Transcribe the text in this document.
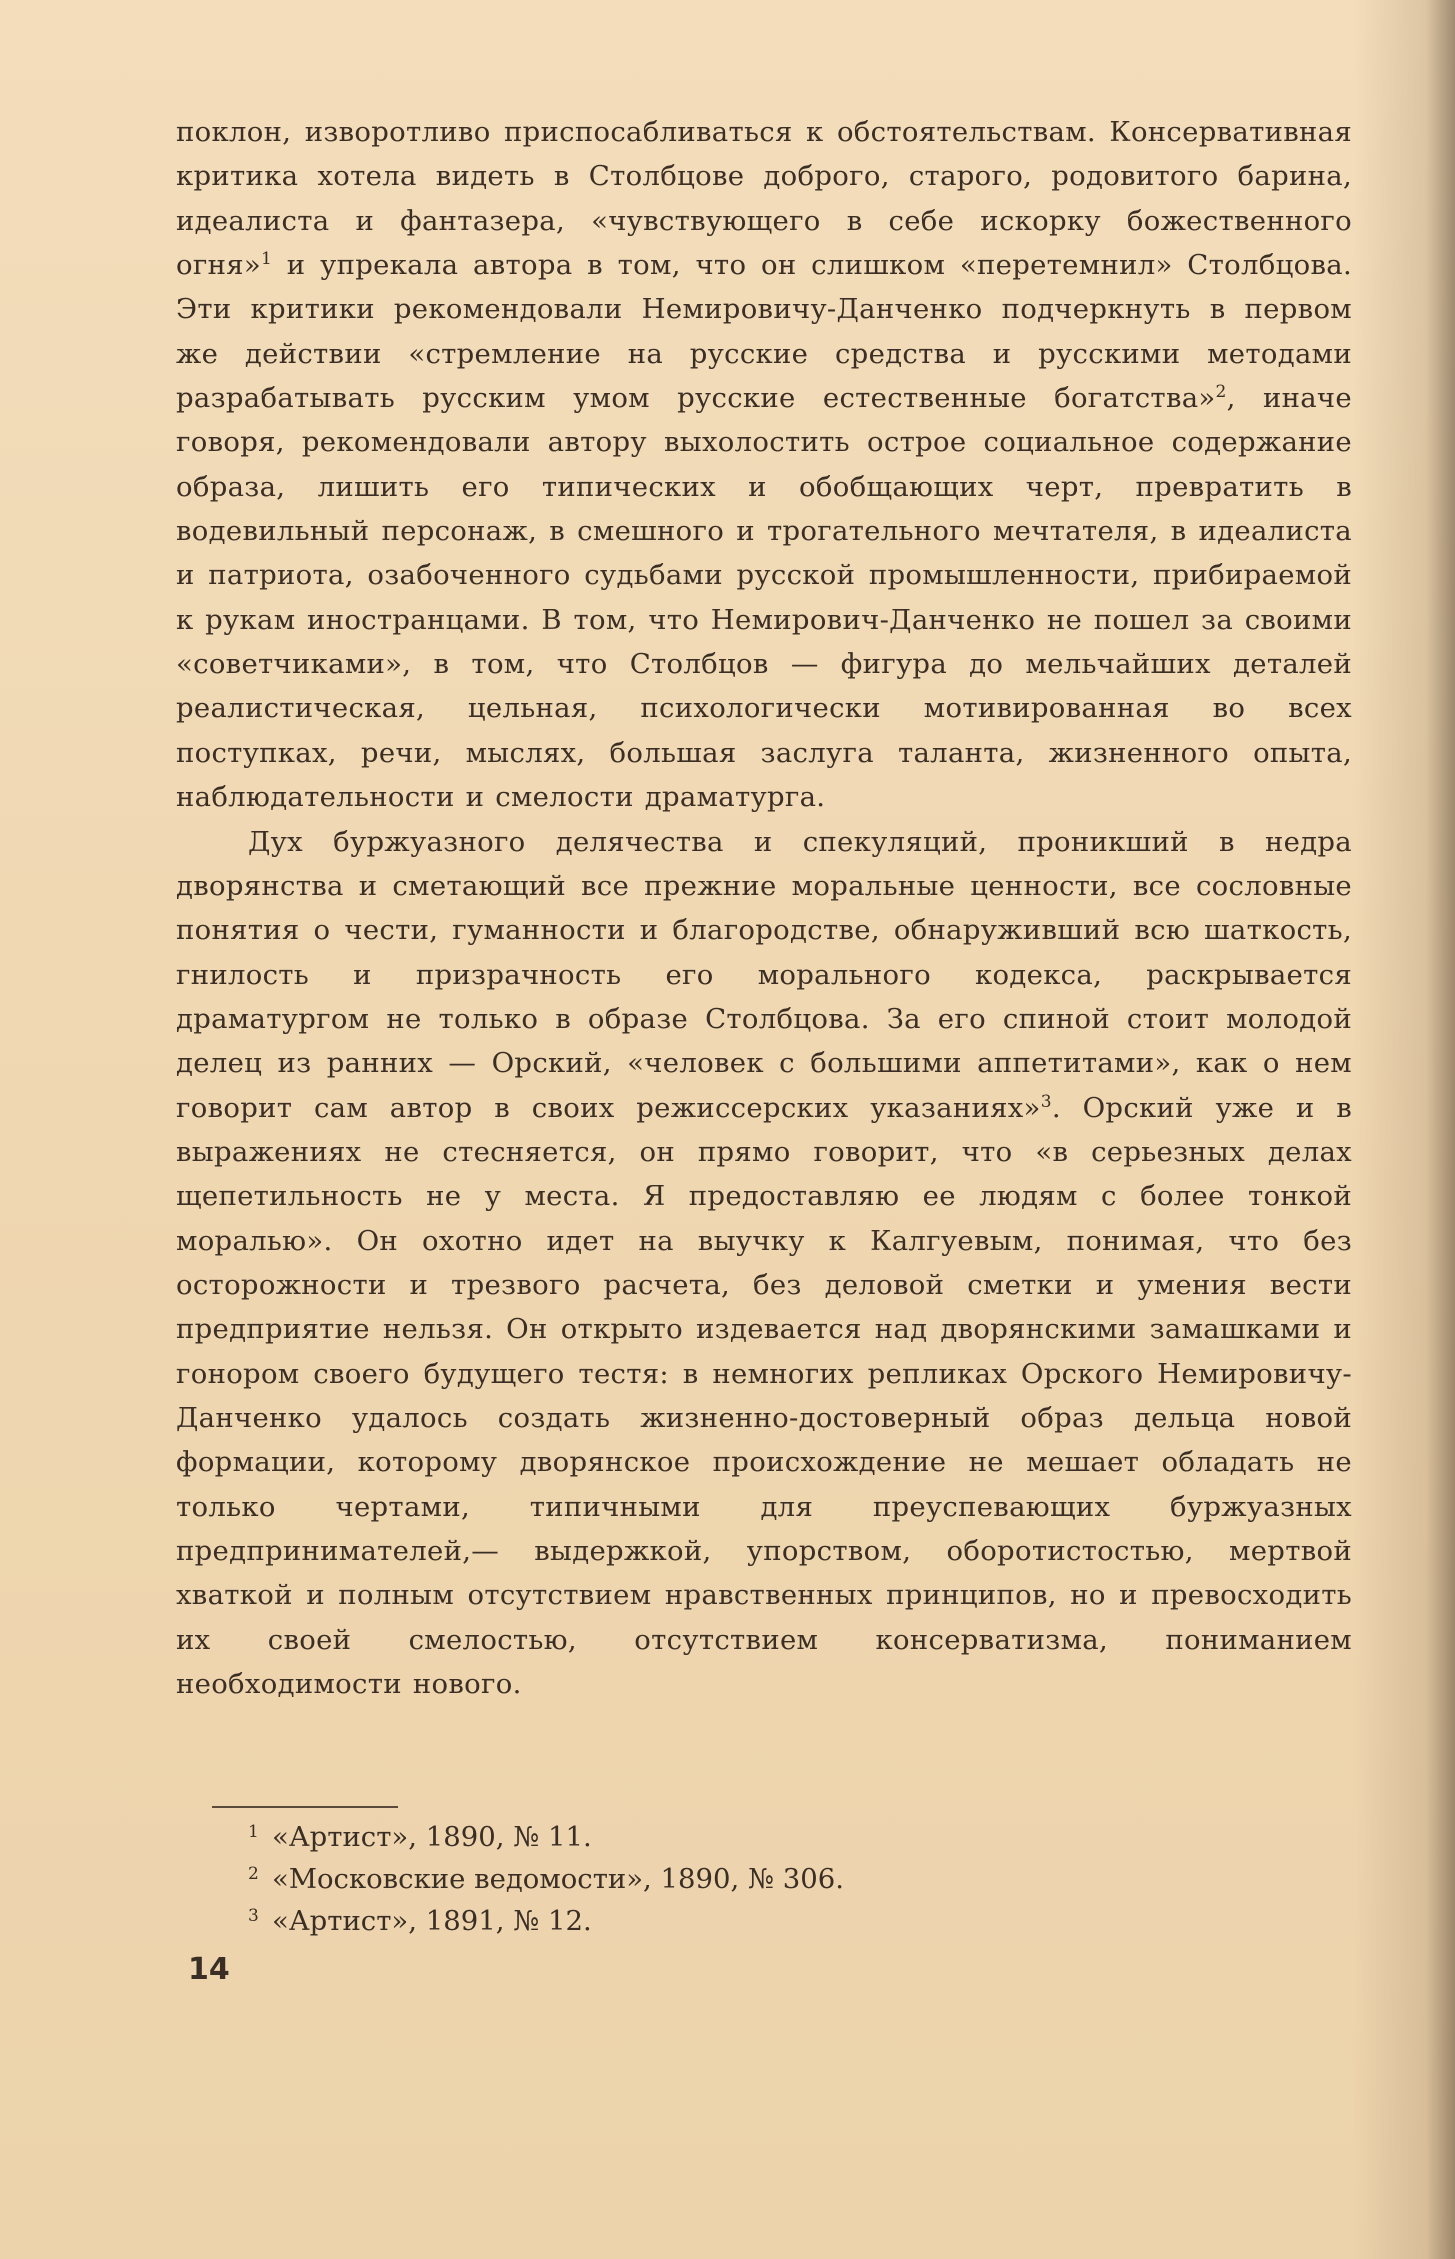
поклон, изворотливо приспосабливаться к обстоятельствам. Консервативная критика хотела видеть в Столбцове доброго, старого, родовитого барина, идеалиста и фантазера, «чувствующего в себе искорку божественного огня»$^1$ и упрекала автора в том, что он слишком «перетемнил» Столбцова. Эти критики рекомендовали Немировичу-Данченко подчеркнуть в первом же действии «стремление на русские средства и русскими методами разрабатывать русским умом русские естественные богатства»$^2$, иначе говоря, рекомендовали автору выхолостить острое социальное содержание образа, лишить его типических и обобщающих черт, превратить в водевильный персонаж, в смешного и трогательного мечтателя, в идеалиста и патриота, озабоченного судьбами русской промышленности, прибираемой к рукам иностранцами. В том, что Немирович-Данченко не пошел за своими «советчиками», в том, что Столбцов — фигура до мельчайших деталей реалистическая, цельная, психологически мотивированная во всех поступках, речи, мыслях, большая заслуга таланта, жизненного опыта, наблюдательности и смелости драматурга.

Дух буржуазного делячества и спекуляций, проникший в недра дворянства и сметающий все прежние моральные ценности, все сословные понятия о чести, гуманности и благородстве, обнаруживший всю шаткость, гнилость и призрачность его морального кодекса, раскрывается драматургом не только в образе Столбцова. За его спиной стоит молодой делец из ранних — Орский, «человек с большими аппетитами», как о нем говорит сам автор в своих режиссерских указаниях»$^3$. Орский уже и в выражениях не стесняется, он прямо говорит, что «в серьезных делах щепетильность не у места. Я предоставляю ее людям с более тонкой моралью». Он охотно идет на выучку к Калгуевым, понимая, что без осторожности и трезвого расчета, без деловой сметки и умения вести предприятие нельзя. Он открыто издевается над дворянскими замашками и гонором своего будущего тестя: в немногих репликах Орского Немировичу-Данченко удалось создать жизненно-достоверный образ дельца новой формации, которому дворянское происхождение не мешает обладать не только чертами, типичными для преуспевающих буржуазных предпринимателей,— выдержкой, упорством, оборотистостью, мертвой хваткой и полным отсутствием нравственных принципов, но и превосходить их своей смелостью, отсутствием консерватизма, пониманием необходимости нового.

1 «Артист», 1890, № 11.
2 «Московские ведомости», 1890, № 306.
3 «Артист», 1891, № 12.
14
